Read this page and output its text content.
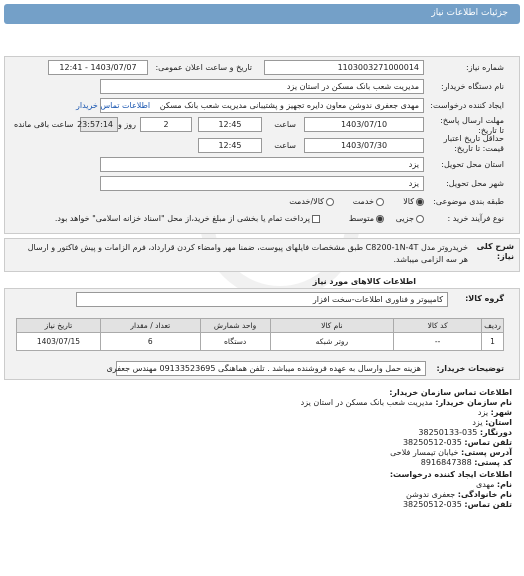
جزئیات اطلاعات نیاز
شماره نیاز:
1103003271000014
تاریخ و ساعت اعلان عمومی:
1403/07/07 - 12:41
نام دستگاه خریدار:
مدیریت شعب بانک مسکن در استان یزد
ایجاد کننده درخواست:
مهدی جعفری ندوشن معاون دایره تجهیز و پشتیبانی مدیریت شعب بانک مسکن
اطلاعات تماس خریدار
مهلت ارسال پاسخ: تا تاریخ:
1403/07/10
ساعت
12:45
2
روز و
23:57:14
ساعت باقی مانده
حداقل تاریخ اعتبار قیمت: تا تاریخ:
1403/07/30
ساعت
12:45
استان محل تحویل:
یزد
شهر محل تحویل:
یزد
طبقه بندی موضوعی:
کالا
خدمت
کالا/خدمت
نوع فرآیند خرید :
جزیی
متوسط
پرداخت تمام یا بخشی از مبلغ خرید،از محل "اسناد خزانه اسلامی" خواهد بود.
شرح کلی نیاز:
خریدروتر مدل C8200-1N-4T طبق مشخصات فایلهای پیوست، ضمنا مهر وامضاء کردن قرارداد، فرم الزامات و پیش فاکتور و ارسال هر سه الزامی میباشد.
اطلاعات کالاهای مورد نیاز
گروه کالا:
کامپیوتر و فناوری اطلاعات-سخت افزار
ردیف	کد کالا	نام کالا	واحد شمارش	تعداد / مقدار	تاریخ نیاز
1	--	روتر شبکه	دستگاه	6	1403/07/15
توضیحات خریدار:
هزینه حمل وارسال به عهده فروشنده میباشد . تلفن هماهنگی 09133523695 مهندس جعفری
اطلاعات تماس سازمان خریدار:
نام سازمان خریدار: مدیریت شعب بانک مسکن در استان یزد
شهر: یزد
استان: یزد
دورنگار: 035-38250133
تلفن تماس: 035-38250512
آدرس پستی: خیابان تیمسار فلاحی
کد پستی: 8916847388
اطلاعات ایجاد کننده درخواست:
نام: مهدی
نام خانوادگی: جعفری ندوشن
تلفن تماس: 035-38250512
